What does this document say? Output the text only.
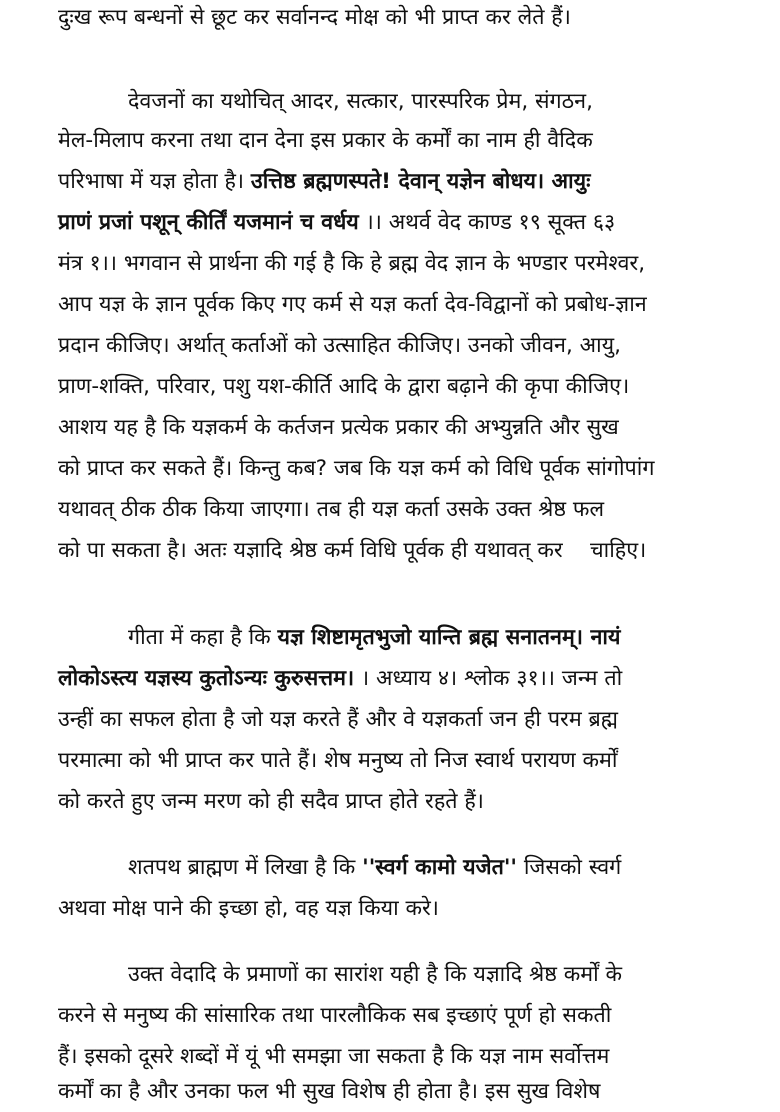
दुःख रूप बन्धनों से छूट कर सर्वानन्द मोक्ष को भी प्राप्त कर लेते हैं।
देवजनों का यथोचित् आदर, सत्कार, पारस्परिक प्रेम, संगठन,
मेल-मिलाप करना तथा दान देना इस प्रकार के कर्मों का नाम ही वैदिक
परिभाषा में यज्ञ होता है। उत्तिष्ठ ब्रह्मणस्पते! देवान् यज्ञेन बोधय। आयुः
प्राणं प्रजां पशून् कीर्तिं यजमानं च वर्धय ।। अथर्व वेद काण्ड १९ सूक्त ६३
मंत्र १।। भगवान से प्रार्थना की गई है कि हे ब्रह्म वेद ज्ञान के भण्डार परमेश्वर,
आप यज्ञ के ज्ञान पूर्वक किए गए कर्म से यज्ञ कर्ता देव-विद्वानों को प्रबोध-ज्ञान
प्रदान कीजिए। अर्थात् कर्ताओं को उत्साहित कीजिए। उनको जीवन, आयु,
प्राण-शक्ति, परिवार, पशु यश-कीर्ति आदि के द्वारा बढ़ाने की कृपा कीजिए।
आशय यह है कि यज्ञकर्म के कर्तजन प्रत्येक प्रकार की अभ्युन्नति और सुख
को प्राप्त कर सकते हैं। किन्तु कब? जब कि यज्ञ कर्म को विधि पूर्वक सांगोपांग
यथावत् ठीक ठीक किया जाएगा। तब ही यज्ञ कर्ता उसके उक्त श्रेष्ठ फल
को पा सकता है। अतः यज्ञादि श्रेष्ठ कर्म विधि पूर्वक ही यथावत् कर    चाहिए।
गीता में कहा है कि यज्ञ शिष्टामृतभुजो यान्ति ब्रह्म सनातनम्। नायं
लोकोऽस्त्य यज्ञस्य कुतोऽन्यः कुरुसत्तम। । अध्याय ४। श्लोक ३१।। जन्म तो
उन्हीं का सफल होता है जो यज्ञ करते हैं और वे यज्ञकर्ता जन ही परम ब्रह्म
परमात्मा को भी प्राप्त कर पाते हैं। शेष मनुष्य तो निज स्वार्थ परायण कर्मों
को करते हुए जन्म मरण को ही सदैव प्राप्त होते रहते हैं।
शतपथ ब्राह्मण में लिखा है कि ''स्वर्ग कामो यजेत'' जिसको स्वर्ग
अथवा मोक्ष पाने की इच्छा हो, वह यज्ञ किया करे।
उक्त वेदादि के प्रमाणों का सारांश यही है कि यज्ञादि श्रेष्ठ कर्मों के
करने से मनुष्य की सांसारिक तथा पारलौकिक सब इच्छाएं पूर्ण हो सकती
हैं। इसको दूसरे शब्दों में यूं भी समझा जा सकता है कि यज्ञ नाम सर्वोत्तम
कर्मों का है और उनका फल भी सुख विशेष ही होता है। इस सुख विशेष
